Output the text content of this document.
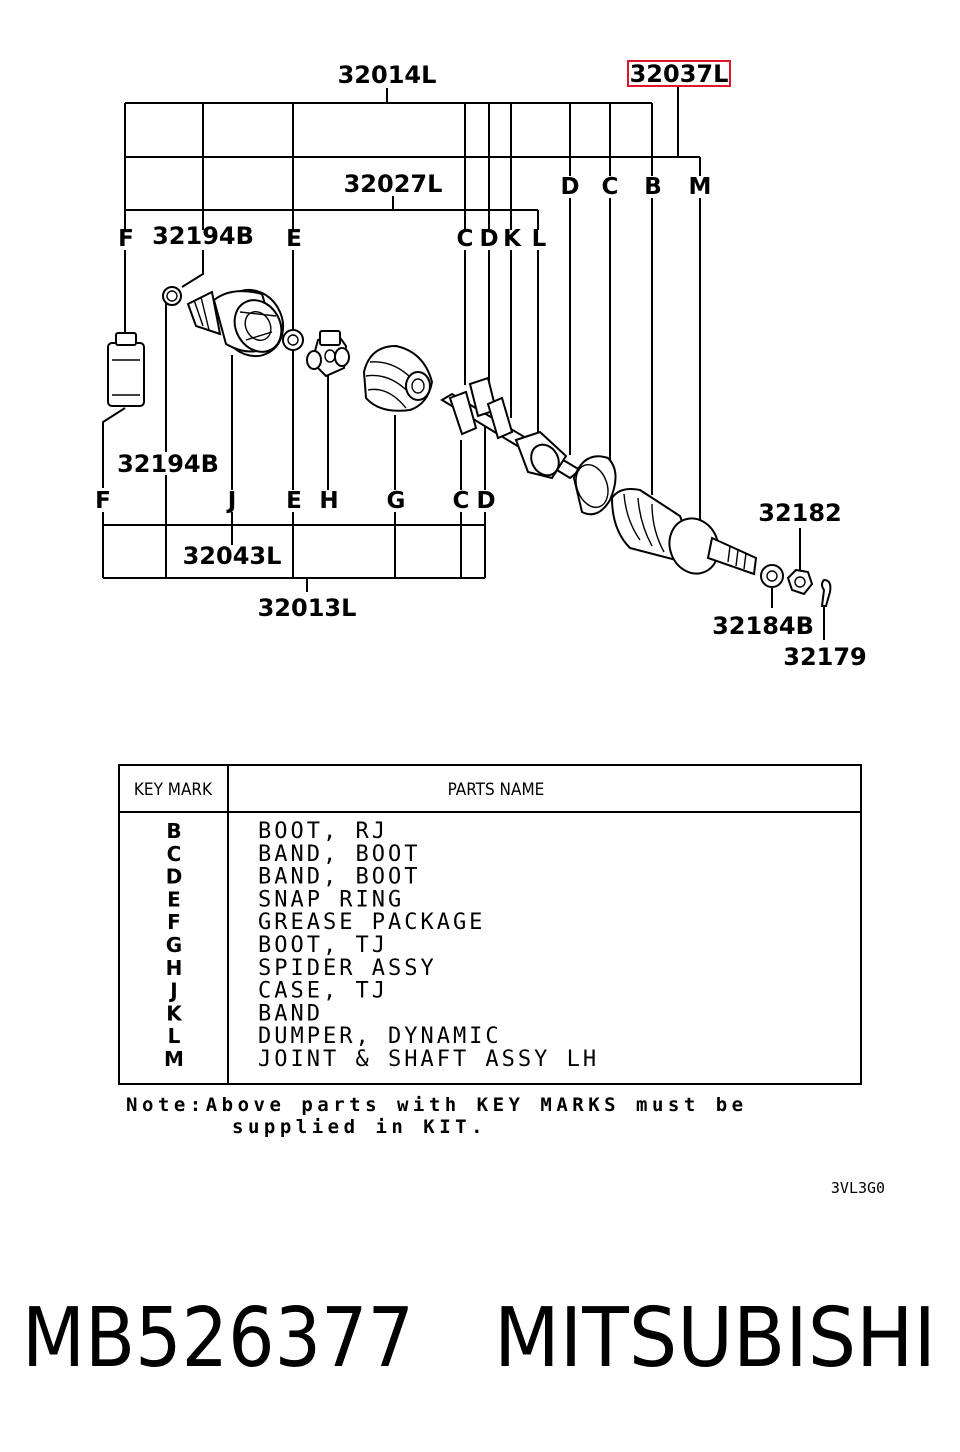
32014L	32037L
32027L
32013L
32043L
32194B
32194B
32182
32184B
32179
D C B M
F	E	C D K L
F	J E H G C D
KEY MARK	PARTS NAME
B	BOOT, RJ
C	BAND, BOOT
D	BAND, BOOT
E	SNAP RING
F	GREASE PACKAGE
G	BOOT, TJ
H	SPIDER ASSY
J	CASE, TJ
K	BAND
L	DUMPER, DYNAMIC
M	JOINT & SHAFT ASSY LH
Note:Above parts with KEY MARKS must be
supplied in KIT.
3VL3G0
MB526377 MITSUBISHI
